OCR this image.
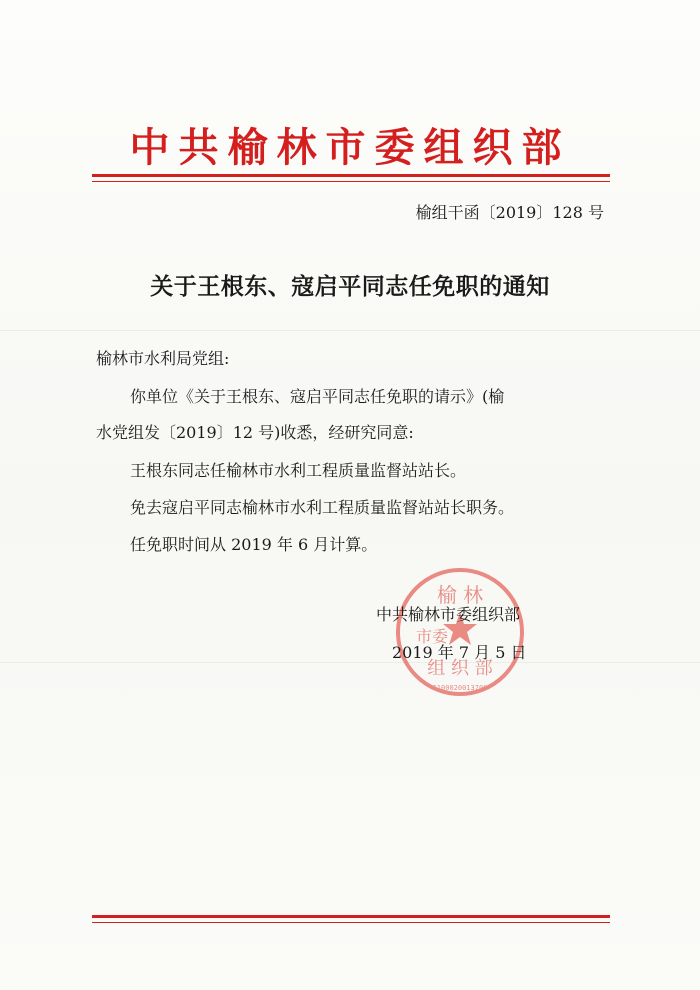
中共榆林市委组织部
榆组干函〔2019〕128 号
关于王根东、寇启平同志任免职的通知
榆林市水利局党组:
你单位《关于王根东、寇启平同志任免职的请示》(榆
水党组发〔2019〕12 号)收悉，经研究同意:
王根东同志任榆林市水利工程质量监督站站长。
免去寇启平同志榆林市水利工程质量监督站站长职务。
任免职时间从 2019 年 6 月计算。
榆 林
市委
组 织 部
6100020013700
中共榆林市委组织部
2019 年 7 月 5 日
